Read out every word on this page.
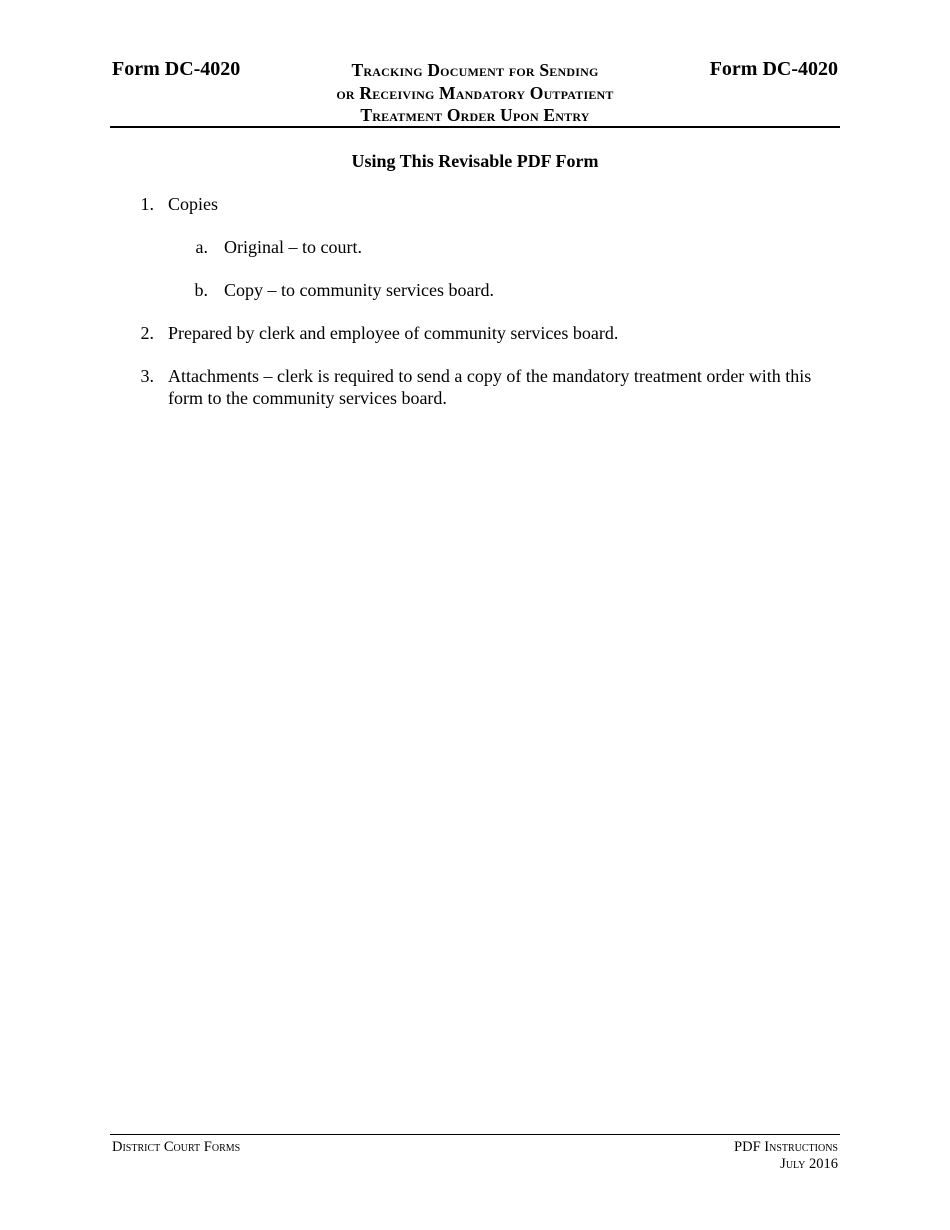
Form DC-4020	Tracking Document for Sending
or Receiving Mandatory Outpatient
Treatment Order Upon Entry
Form DC-4020
Using This Revisable PDF Form
1. Copies
a. Original – to court.
b. Copy – to community services board.
2. Prepared by clerk and employee of community services board.
3. Attachments – clerk is required to send a copy of the mandatory treatment order with this
form to the community services board.
District Court Forms	PDF Instructions
July 2016
